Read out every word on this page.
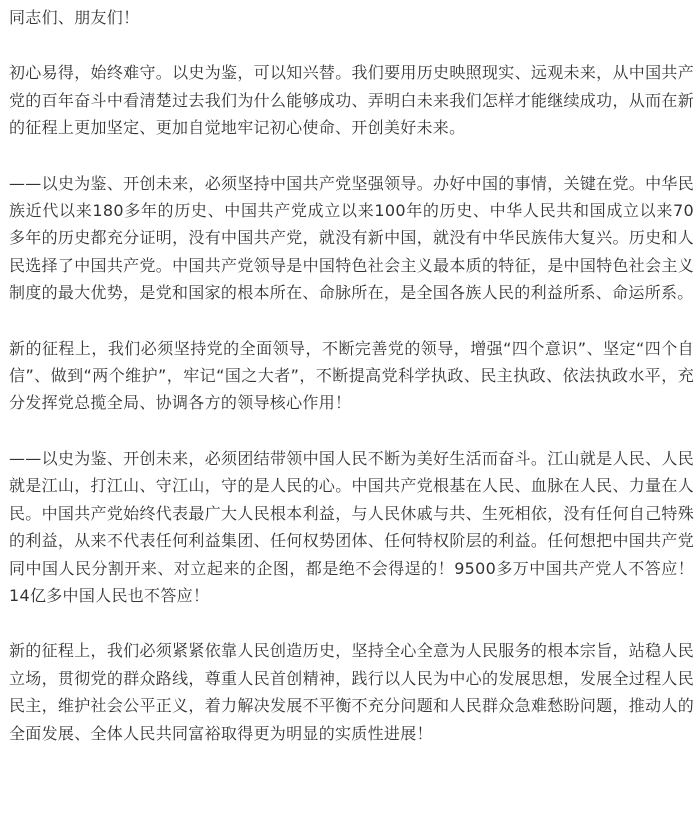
同志们、朋友们！

初心易得，始终难守。以史为鉴，可以知兴替。我们要用历史映照现实、远观未来，从中国共产党的百年奋斗中看清楚过去我们为什么能够成功、弄明白未来我们怎样才能继续成功，从而在新的征程上更加坚定、更加自觉地牢记初心使命、开创美好未来。

——以史为鉴、开创未来，必须坚持中国共产党坚强领导。办好中国的事情，关键在党。中华民族近代以来180多年的历史、中国共产党成立以来100年的历史、中华人民共和国成立以来70多年的历史都充分证明，没有中国共产党，就没有新中国，就没有中华民族伟大复兴。历史和人民选择了中国共产党。中国共产党领导是中国特色社会主义最本质的特征，是中国特色社会主义制度的最大优势，是党和国家的根本所在、命脉所在，是全国各族人民的利益所系、命运所系。

新的征程上，我们必须坚持党的全面领导，不断完善党的领导，增强“四个意识”、坚定“四个自信”、做到“两个维护”，牢记“国之大者”，不断提高党科学执政、民主执政、依法执政水平，充分发挥党总揽全局、协调各方的领导核心作用！

——以史为鉴、开创未来，必须团结带领中国人民不断为美好生活而奋斗。江山就是人民、人民就是江山，打江山、守江山，守的是人民的心。中国共产党根基在人民、血脉在人民、力量在人民。中国共产党始终代表最广大人民根本利益，与人民休戚与共、生死相依，没有任何自己特殊的利益，从来不代表任何利益集团、任何权势团体、任何特权阶层的利益。任何想把中国共产党同中国人民分割开来、对立起来的企图，都是绝不会得逞的！9500多万中国共产党人不答应！14亿多中国人民也不答应！

新的征程上，我们必须紧紧依靠人民创造历史，坚持全心全意为人民服务的根本宗旨，站稳人民立场，贯彻党的群众路线，尊重人民首创精神，践行以人民为中心的发展思想，发展全过程人民民主，维护社会公平正义，着力解决发展不平衡不充分问题和人民群众急难愁盼问题，推动人的全面发展、全体人民共同富裕取得更为明显的实质性进展！
